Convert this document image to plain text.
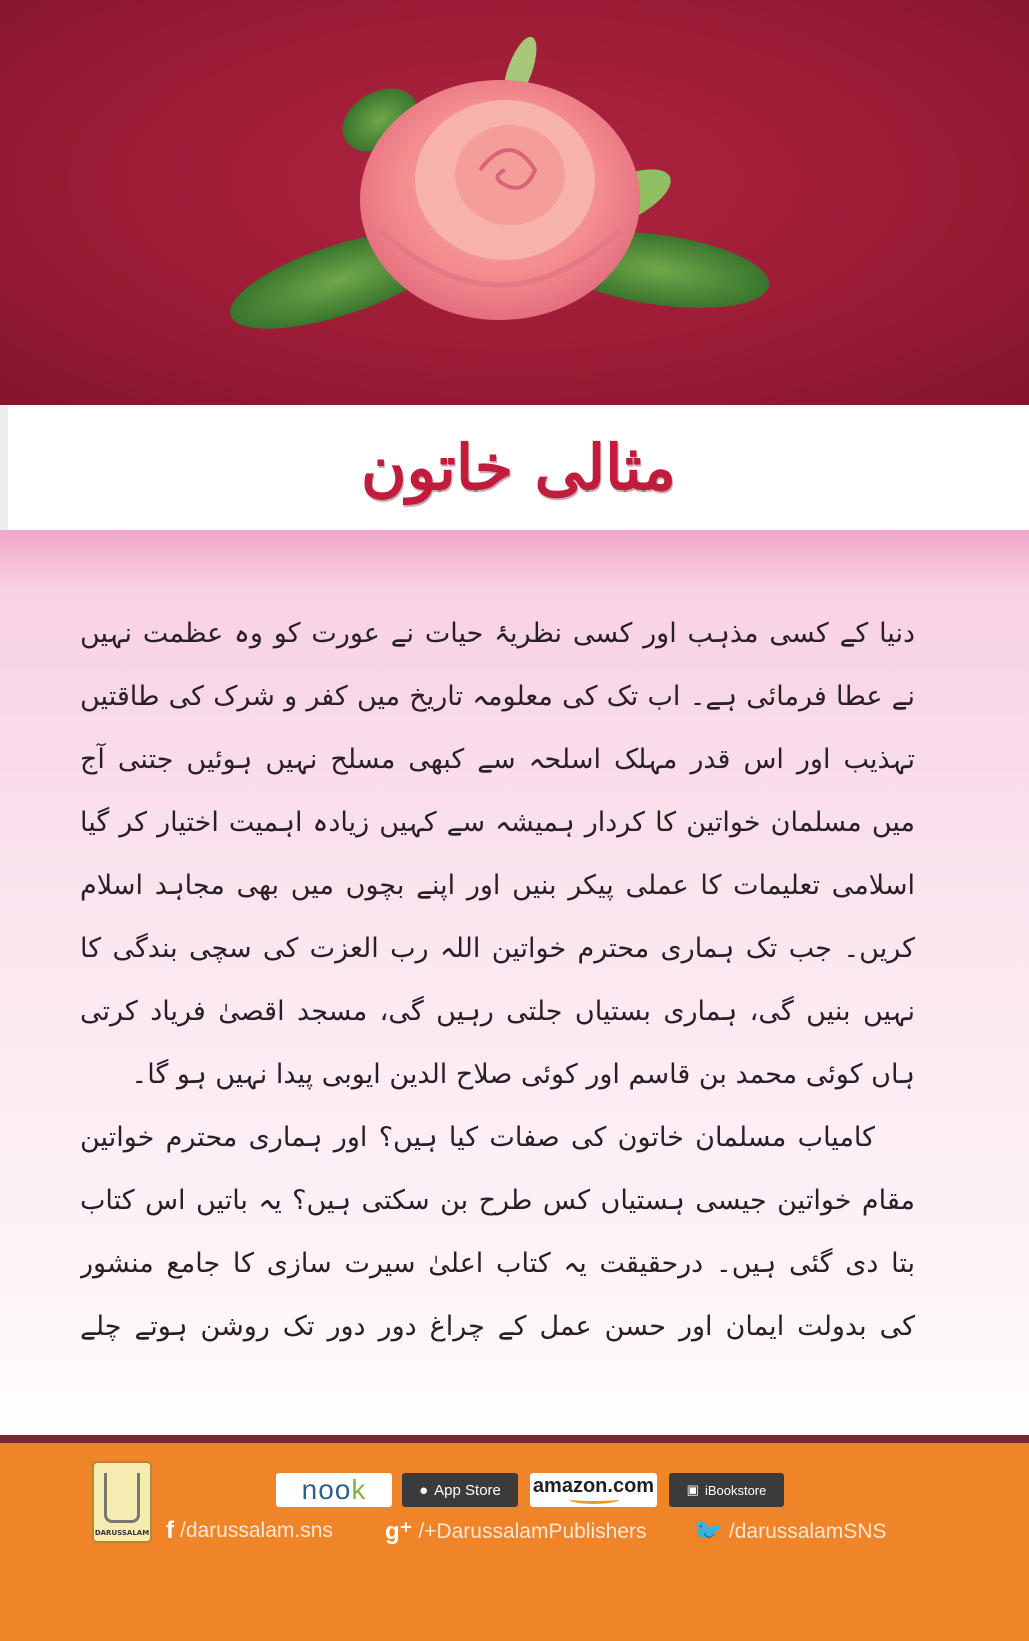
مثالی خاتون
دنیا کے کسی مذہب اور کسی نظریۂ حیات نے عورت کو وہ عظمت نہیں
نے عطا فرمائی ہے۔ اب تک کی معلومہ تاریخ میں کفر و شرک کی طاقتیں
تہذیب اور اس قدر مہلک اسلحہ سے کبھی مسلح نہیں ہوئیں جتنی آج
میں مسلمان خواتین کا کردار ہمیشہ سے کہیں زیادہ اہمیت اختیار کر گیا
اسلامی تعلیمات کا عملی پیکر بنیں اور اپنے بچوں میں بھی مجاہد اسلام
کریں۔ جب تک ہماری محترم خواتین اللہ رب العزت کی سچی بندگی کا
نہیں بنیں گی، ہماری بستیاں جلتی رہیں گی، مسجد اقصیٰ فریاد کرتی
ہاں کوئی محمد بن قاسم اور کوئی صلاح الدین ایوبی پیدا نہیں ہو گا۔
کامیاب مسلمان خاتون کی صفات کیا ہیں؟ اور ہماری محترم خواتین
مقام خواتین جیسی ہستیاں کس طرح بن سکتی ہیں؟ یہ باتیں اس کتاب
بتا دی گئی ہیں۔ درحقیقت یہ کتاب اعلیٰ سیرت سازی کا جامع منشور
کی بدولت ایمان اور حسن عمل کے چراغ دور دور تک روشن ہوتے چلے
DARUSSALAM
noo k	● App Store amazon.com	▣ iBookstore
f /darussalam.sns g⁺ /+DarussalamPublishers 🐦 /darussalamSNS
